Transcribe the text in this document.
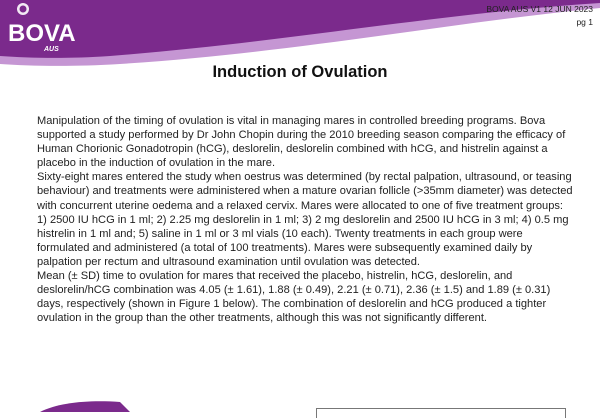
BOVA
AUS
BOVA AUS V1 12 JUN 2023
pg 1
Induction of Ovulation

Manipulation of the timing of ovulation is vital in managing mares in controlled breeding programs. Bova supported a study performed by Dr John Chopin during the 2010 breeding season comparing the efficacy of Human Chorionic Gonadotropin (hCG), deslorelin, deslorelin combined with hCG, and histrelin against a placebo in the induction of ovulation in the mare.

Sixty-eight mares entered the study when oestrus was determined (by rectal palpation, ultrasound, or teasing behaviour) and treatments were administered when a mature ovarian follicle (>35mm diameter) was detected with concurrent uterine oedema and a relaxed cervix. Mares were allocated to one of five treatment groups: 1) 2500 IU hCG in 1 ml; 2) 2.25 mg deslorelin in 1 ml; 3) 2 mg deslorelin and 2500 IU hCG in 3 ml; 4) 0.5 mg histrelin in 1 ml and; 5) saline in 1 ml or 3 ml vials (10 each). Twenty treatments in each group were formulated and administered (a total of 100 treatments). Mares were subsequently examined daily by palpation per rectum and ultrasound examination until ovulation was detected.

Mean (± SD) time to ovulation for mares that received the placebo, histrelin, hCG, deslorelin, and deslorelin/hCG combination was 4.05 (± 1.61), 1.88 (± 0.49), 2.21 (± 0.71), 2.36 (± 1.5) and 1.89 (± 0.31) days, respectively (shown in Figure 1 below). The combination of deslorelin and hCG produced a tighter ovulation in the group than the other treatments, although this was not significantly different.
